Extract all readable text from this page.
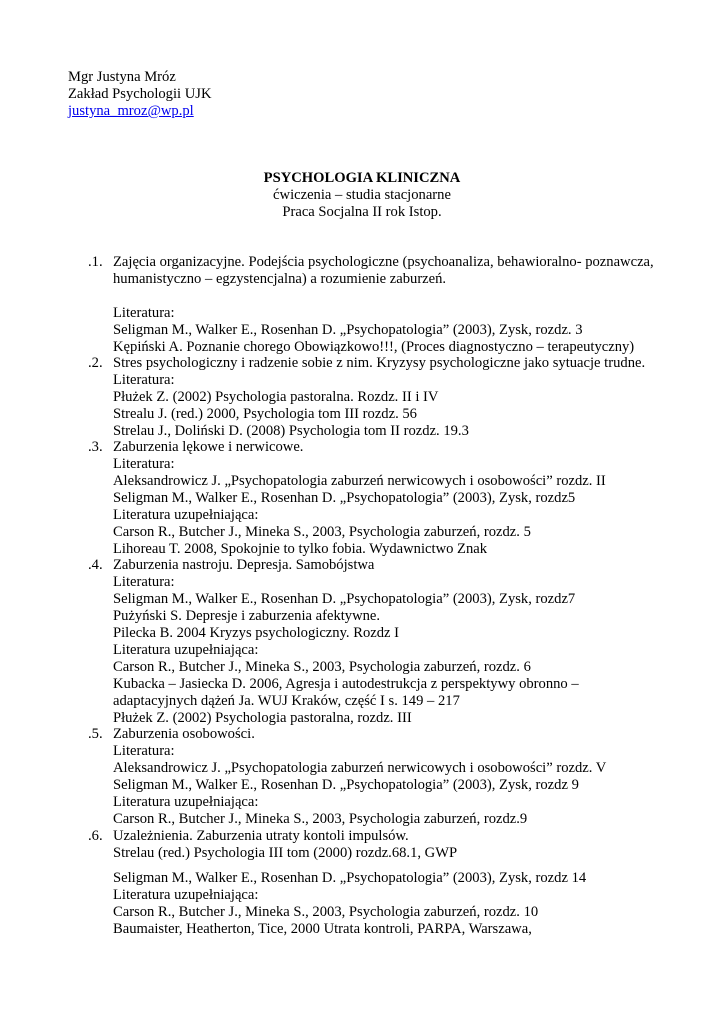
Mgr Justyna Mróz
Zakład Psychologii UJK
justyna_mroz@wp.pl
PSYCHOLOGIA KLINICZNA
ćwiczenia – studia stacjonarne
Praca Socjalna II rok Istop.
.1. Zajęcia organizacyjne. Podejścia psychologiczne (psychoanaliza, behawioralno- poznawcza,
humanistyczno – egzystencjalna) a rozumienie zaburzeń.
Literatura:
Seligman M., Walker E., Rosenhan D. „Psychopatologia” (2003), Zysk, rozdz. 3
Kępiński A. Poznanie chorego Obowiązkowo!!!, (Proces diagnostyczno – terapeutyczny)
.2. Stres psychologiczny i radzenie sobie z nim. Kryzysy psychologiczne jako sytuacje trudne.
Literatura:
Płużek Z. (2002) Psychologia pastoralna. Rozdz. II i IV
Strealu J. (red.) 2000, Psychologia tom III rozdz. 56
Strelau J., Doliński D. (2008) Psychologia tom II rozdz. 19.3
.3. Zaburzenia lękowe i nerwicowe.
Literatura:
Aleksandrowicz J. „Psychopatologia zaburzeń nerwicowych i osobowości” rozdz. II
Seligman M., Walker E., Rosenhan D. „Psychopatologia” (2003), Zysk, rozdz5
Literatura uzupełniająca:
Carson R., Butcher J., Mineka S., 2003, Psychologia zaburzeń, rozdz. 5
Lihoreau T. 2008, Spokojnie to tylko fobia. Wydawnictwo Znak
.4. Zaburzenia nastroju. Depresja. Samobójstwa
Literatura:
Seligman M., Walker E., Rosenhan D. „Psychopatologia” (2003), Zysk, rozdz7
Pużyński S. Depresje i zaburzenia afektywne.
Pilecka B. 2004 Kryzys psychologiczny. Rozdz I
Literatura uzupełniająca:
Carson R., Butcher J., Mineka S., 2003, Psychologia zaburzeń, rozdz. 6
Kubacka – Jasiecka D. 2006, Agresja i autodestrukcja z perspektywy obronno –
adaptacyjnych dążeń Ja. WUJ Kraków, część I s. 149 – 217
Płużek Z. (2002) Psychologia pastoralna, rozdz. III
.5. Zaburzenia osobowości.
Literatura:
Aleksandrowicz J. „Psychopatologia zaburzeń nerwicowych i osobowości” rozdz. V
Seligman M., Walker E., Rosenhan D. „Psychopatologia” (2003), Zysk, rozdz 9
Literatura uzupełniająca:
Carson R., Butcher J., Mineka S., 2003, Psychologia zaburzeń, rozdz.9
.6. Uzależnienia. Zaburzenia utraty kontoli impulsów.
Strelau (red.) Psychologia III tom (2000) rozdz.68.1, GWP
Seligman M., Walker E., Rosenhan D. „Psychopatologia” (2003), Zysk, rozdz 14
Literatura uzupełniająca:
Carson R., Butcher J., Mineka S., 2003, Psychologia zaburzeń, rozdz. 10
Baumaister, Heatherton, Tice, 2000 Utrata kontroli, PARPA, Warszawa,
